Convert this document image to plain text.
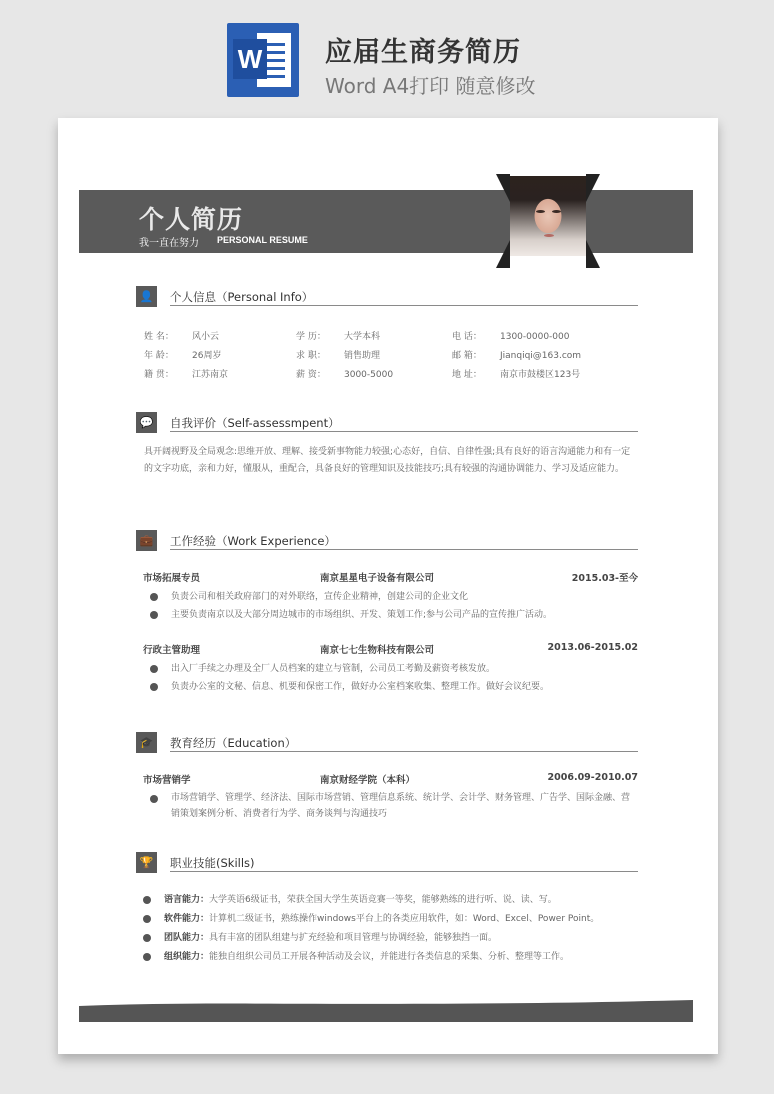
W 应届生商务简历
Word A4打印 随意修改
个人简历
我一直在努力 PERSONAL RESUME
👤	个人信息（Personal Info）
姓 名： 风小云	学 历： 大学本科	电 话： 1300-0000-000
年 龄： 26周岁	求 职： 销售助理	邮 箱： Jianqiqi@163.com
籍 贯： 江苏南京	薪 资： 3000-5000	地 址： 南京市鼓楼区123号
💬	自我评价（Self-assessmpent）
具开阔视野及全局观念:思维开放、理解、接受新事物能力较强;心态好，自信、自律性强;具有良好的语言沟通能力和有一定的文字功底，亲和力好，懂服从，重配合，具备良好的管理知识及技能技巧;具有较强的沟通协调能力、学习及适应能力。
💼	工作经验（Work Experience）
市场拓展专员	南京星星电子设备有限公司	2015.03-至今
负责公司和相关政府部门的对外联络，宣传企业精神，创建公司的企业文化
主要负责南京以及大部分周边城市的市场组织、开发、策划工作;参与公司产品的宣传推广活动。
行政主管助理	南京七七生物科技有限公司	2013.06-2015.02
出入厂手续之办理及全厂人员档案的建立与管制，公司员工考勤及薪资考核发放。
负责办公室的文秘、信息、机要和保密工作，做好办公室档案收集、整理工作。做好会议纪要。
🎓	教育经历（Education）
市场营销学	南京财经学院（本科）	2006.09-2010.07
市场营销学、管理学、经济法、国际市场营销、管理信息系统、统计学、会计学、财务管理、广告学、国际金融、营销策划案例分析、消费者行为学、商务谈判与沟通技巧
🏆	职业技能(Skills)
语言能力：大学英语6级证书，荣获全国大学生英语竞赛一等奖，能够熟练的进行听、说、读、写。
软件能力：计算机二级证书，熟练操作windows平台上的各类应用软件，如：Word、Excel、Power Point。
团队能力：具有丰富的团队组建与扩充经验和项目管理与协调经验，能够独挡一面。
组织能力：能独自组织公司员工开展各种活动及会议，并能进行各类信息的采集、分析、整理等工作。
